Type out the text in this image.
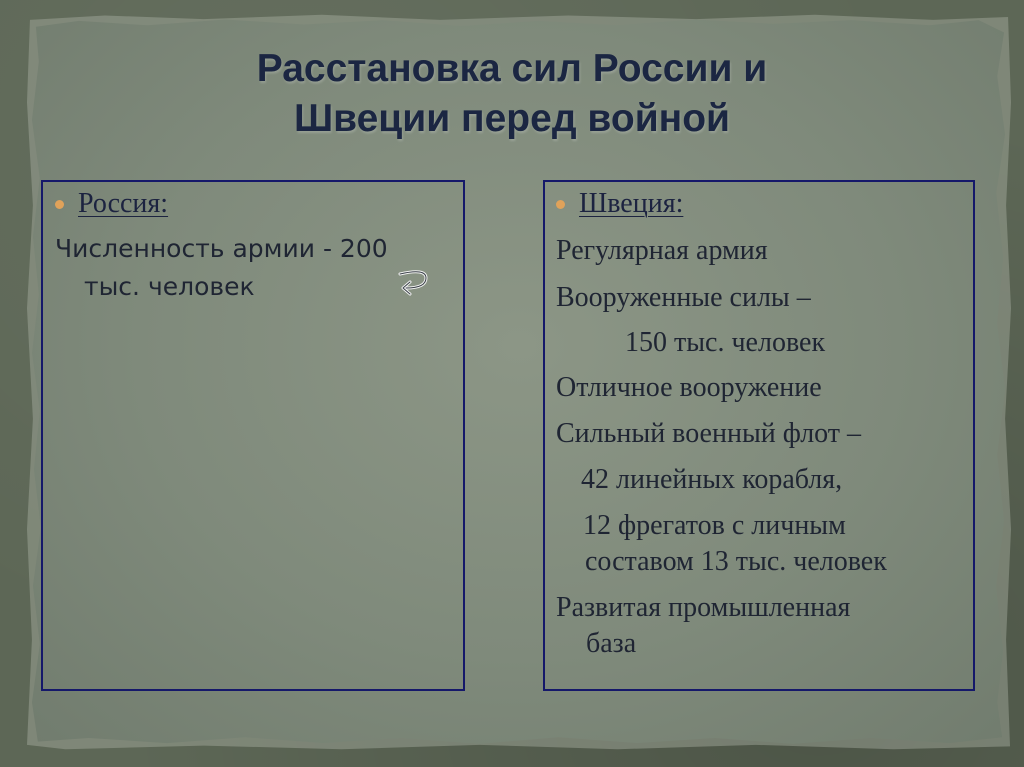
Расстановка сил России и
Швеции перед войной
Россия:
Численность армии - 200
тыс. человек
Швеция:
Регулярная армия
Вооруженные силы –
150 тыс. человек
Отличное вооружение
Сильный военный флот –
42 линейных корабля,
12 фрегатов с личным
составом 13 тыс. человек
Развитая промышленная
база
